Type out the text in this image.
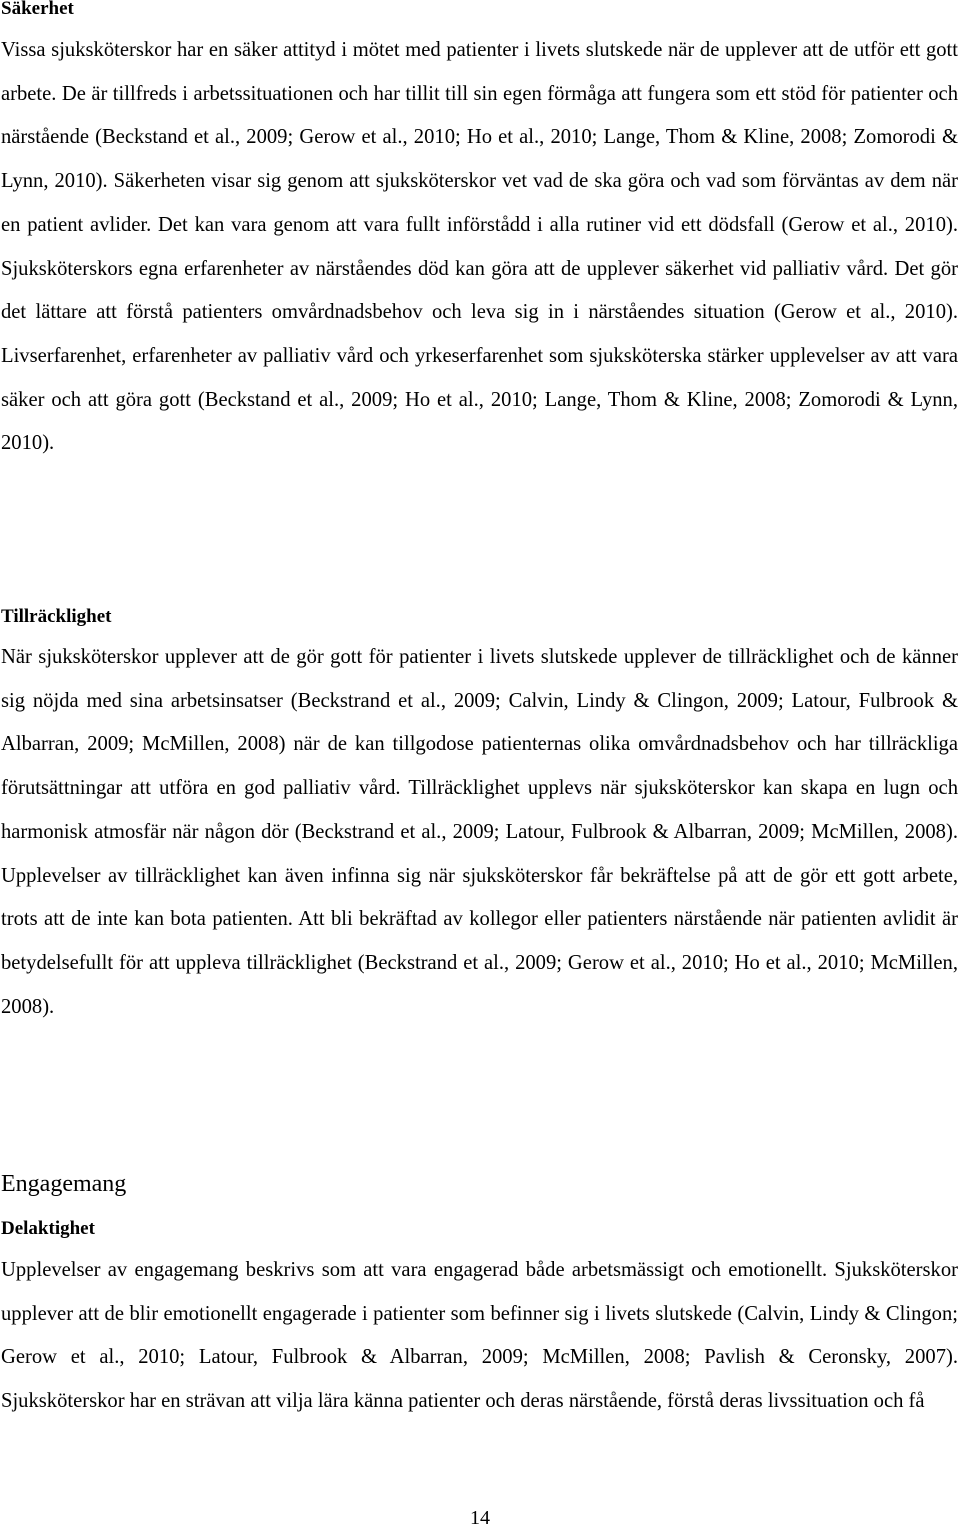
Säkerhet

Vissa sjuksköterskor har en säker attityd i mötet med patienter i livets slutskede när de upplever att de utför ett gott arbete. De är tillfreds i arbetssituationen och har tillit till sin egen förmåga att fungera som ett stöd för patienter och närstående (Beckstand et al., 2009; Gerow et al., 2010; Ho et al., 2010; Lange, Thom & Kline, 2008; Zomorodi & Lynn, 2010). Säkerheten visar sig genom att sjuksköterskor vet vad de ska göra och vad som förväntas av dem när en patient avlider. Det kan vara genom att vara fullt införstådd i alla rutiner vid ett dödsfall (Gerow et al., 2010). Sjuksköterskors egna erfarenheter av närståendes död kan göra att de upplever säkerhet vid palliativ vård. Det gör det lättare att förstå patienters omvårdnadsbehov och leva sig in i närståendes situation (Gerow et al., 2010). Livserfarenhet, erfarenheter av palliativ vård och yrkeserfarenhet som sjuksköterska stärker upplevelser av att vara säker och att göra gott (Beckstand et al., 2009; Ho et al., 2010; Lange, Thom & Kline, 2008; Zomorodi & Lynn, 2010).

Tillräcklighet

När sjuksköterskor upplever att de gör gott för patienter i livets slutskede upplever de tillräcklighet och de känner sig nöjda med sina arbetsinsatser (Beckstrand et al., 2009; Calvin, Lindy & Clingon, 2009; Latour, Fulbrook & Albarran, 2009; McMillen, 2008) när de kan tillgodose patienternas olika omvårdnadsbehov och har tillräckliga förutsättningar att utföra en god palliativ vård. Tillräcklighet upplevs när sjuksköterskor kan skapa en lugn och harmonisk atmosfär när någon dör (Beckstrand et al., 2009; Latour, Fulbrook & Albarran, 2009; McMillen, 2008). Upplevelser av tillräcklighet kan även infinna sig när sjuksköterskor får bekräftelse på att de gör ett gott arbete, trots att de inte kan bota patienten. Att bli bekräftad av kollegor eller patienters närstående när patienten avlidit är betydelsefullt för att uppleva tillräcklighet (Beckstrand et al., 2009; Gerow et al., 2010; Ho et al., 2010; McMillen, 2008).

Engagemang
Delaktighet

Upplevelser av engagemang beskrivs som att vara engagerad både arbetsmässigt och emotionellt. Sjuksköterskor upplever att de blir emotionellt engagerade i patienter som befinner sig i livets slutskede (Calvin, Lindy & Clingon; Gerow et al., 2010; Latour, Fulbrook & Albarran, 2009; McMillen, 2008; Pavlish & Ceronsky, 2007). Sjuksköterskor har en strävan att vilja lära känna patienter och deras närstående, förstå deras livssituation och få

14
